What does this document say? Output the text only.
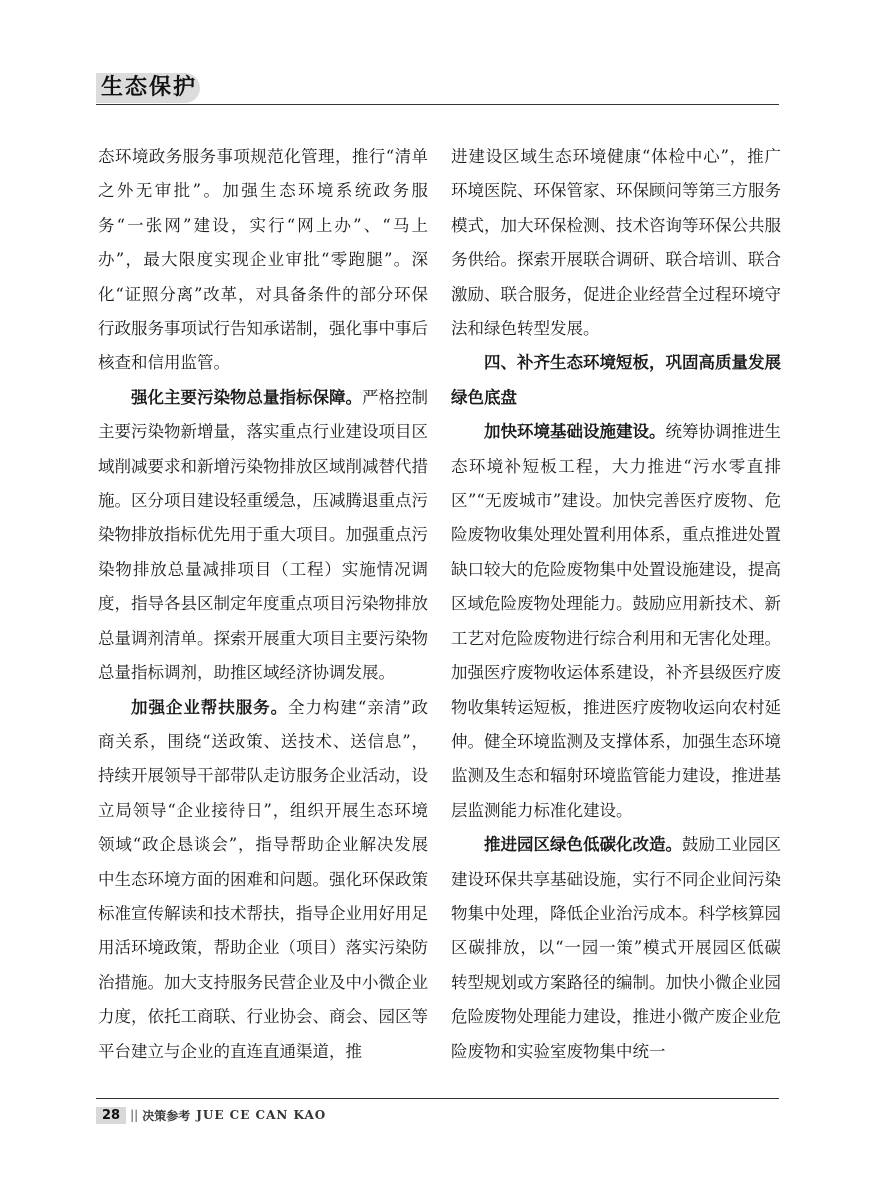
生态保护

态环境政务服务事项规范化管理，推行“清单之外无审批”。加强生态环境系统政务服务“一张网”建设，实行“网上办”、“马上办”，最大限度实现企业审批“零跑腿”。深化“证照分离”改革，对具备条件的部分环保行政服务事项试行告知承诺制，强化事中事后核查和信用监管。

强化主要污染物总量指标保障。严格控制主要污染物新增量，落实重点行业建设项目区域削减要求和新增污染物排放区域削减替代措施。区分项目建设轻重缓急，压减腾退重点污染物排放指标优先用于重大项目。加强重点污染物排放总量减排项目（工程）实施情况调度，指导各县区制定年度重点项目污染物排放总量调剂清单。探索开展重大项目主要污染物总量指标调剂，助推区域经济协调发展。

加强企业帮扶服务。全力构建“亲清”政商关系，围绕“送政策、送技术、送信息”，持续开展领导干部带队走访服务企业活动，设立局领导“企业接待日”，组织开展生态环境领域“政企恳谈会”，指导帮助企业解决发展中生态环境方面的困难和问题。强化环保政策标准宣传解读和技术帮扶，指导企业用好用足用活环境政策，帮助企业（项目）落实污染防治措施。加大支持服务民营企业及中小微企业力度，依托工商联、行业协会、商会、园区等平台建立与企业的直连直通渠道，推

进建设区域生态环境健康“体检中心”，推广环境医院、环保管家、环保顾问等第三方服务模式，加大环保检测、技术咨询等环保公共服务供给。探索开展联合调研、联合培训、联合激励、联合服务，促进企业经营全过程环境守法和绿色转型发展。

四、补齐生态环境短板，巩固高质量发展绿色底盘

加快环境基础设施建设。统筹协调推进生态环境补短板工程，大力推进“污水零直排区”“无废城市”建设。加快完善医疗废物、危险废物收集处理处置利用体系，重点推进处置缺口较大的危险废物集中处置设施建设，提高区域危险废物处理能力。鼓励应用新技术、新工艺对危险废物进行综合利用和无害化处理。加强医疗废物收运体系建设，补齐县级医疗废物收集转运短板，推进医疗废物收运向农村延伸。健全环境监测及支撑体系，加强生态环境监测及生态和辐射环境监管能力建设，推进基层监测能力标准化建设。

推进园区绿色低碳化改造。鼓励工业园区建设环保共享基础设施，实行不同企业间污染物集中处理，降低企业治污成本。科学核算园区碳排放，以“一园一策”模式开展园区低碳转型规划或方案路径的编制。加快小微企业园危险废物处理能力建设，推进小微产废企业危险废物和实验室废物集中统一

28 || 决策参考 JUE CE CAN KAO
